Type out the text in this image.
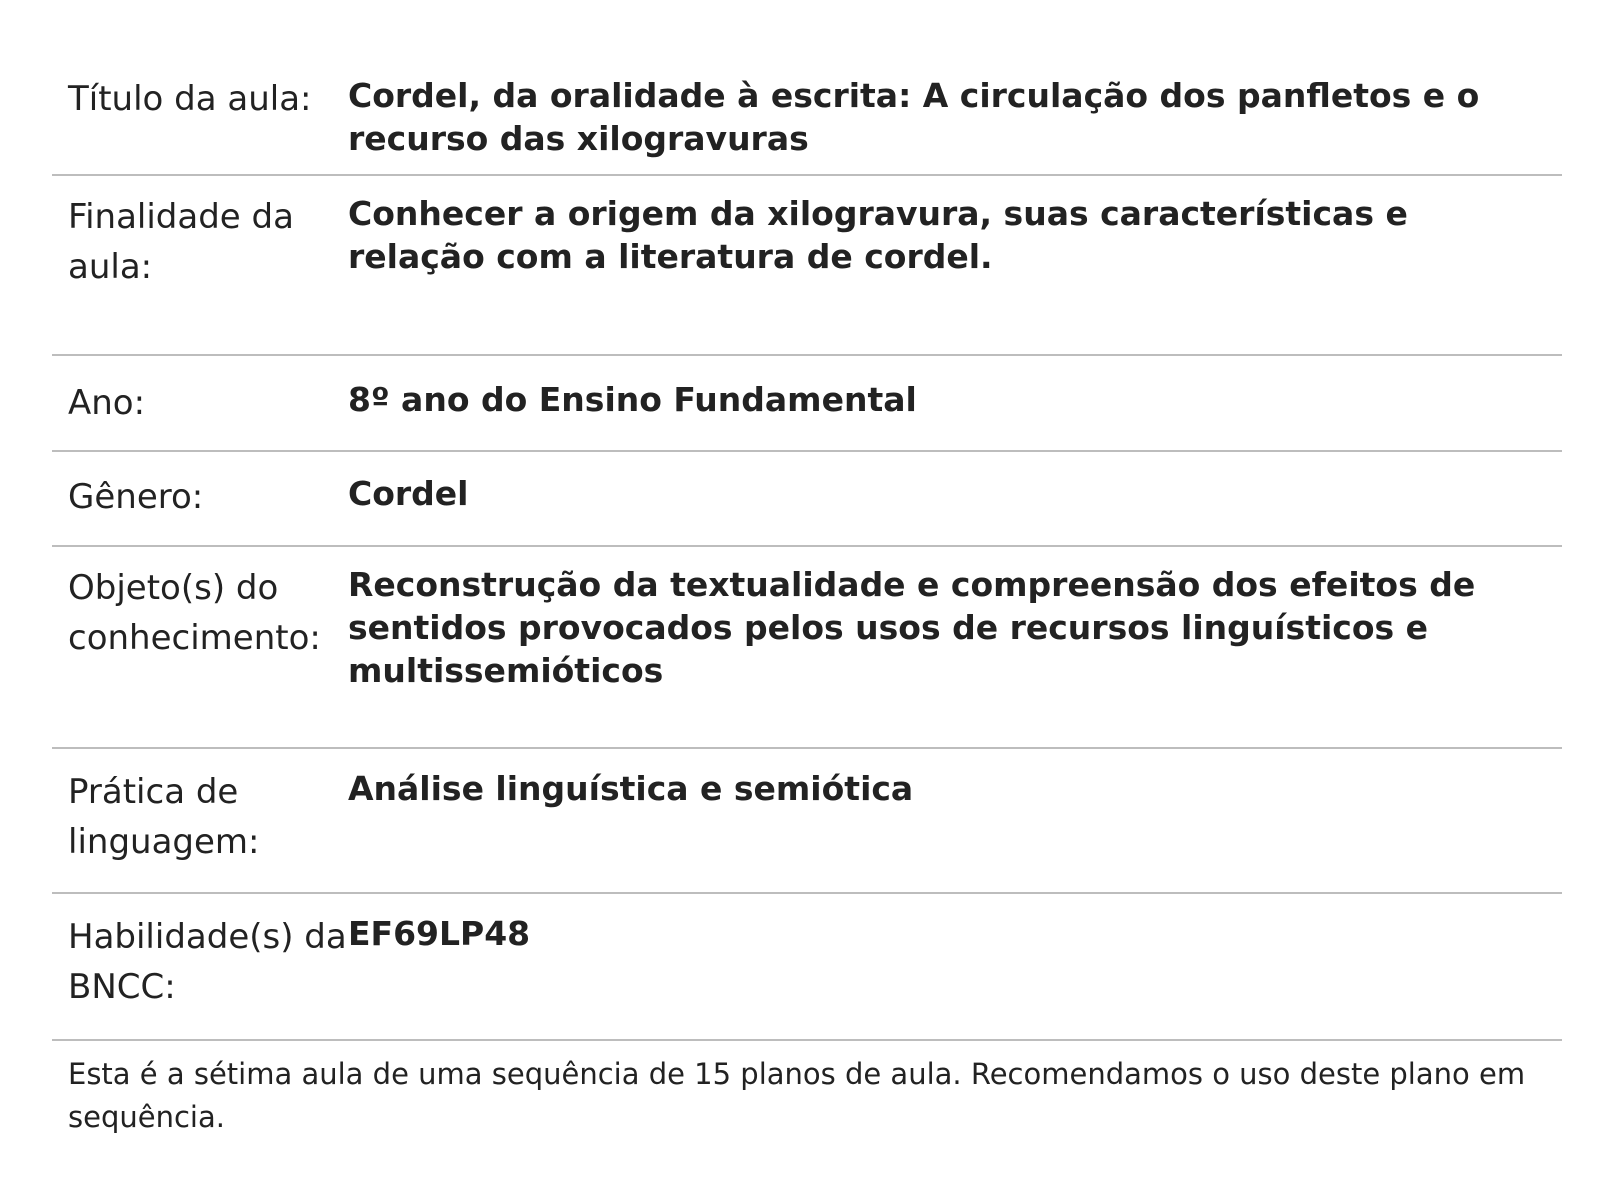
Título da aula:	Cordel, da oralidade à escrita: A circulação dos panfletos e o recurso das xilogravuras
Finalidade da aula:
Conhecer a origem da xilogravura, suas características e relação com a literatura de cordel.
Ano:	8º ano do Ensino Fundamental
Gênero:	Cordel
Objeto(s) do conhecimento:
Reconstrução da textualidade e compreensão dos efeitos de sentidos provocados pelos usos de recursos linguísticos e multissemióticos
Prática de linguagem:
Análise linguística e semiótica
Habilidade(s) da BNCC:
EF69LP48
Esta é a sétima aula de uma sequência de 15 planos de aula. Recomendamos o uso deste plano em sequência.
